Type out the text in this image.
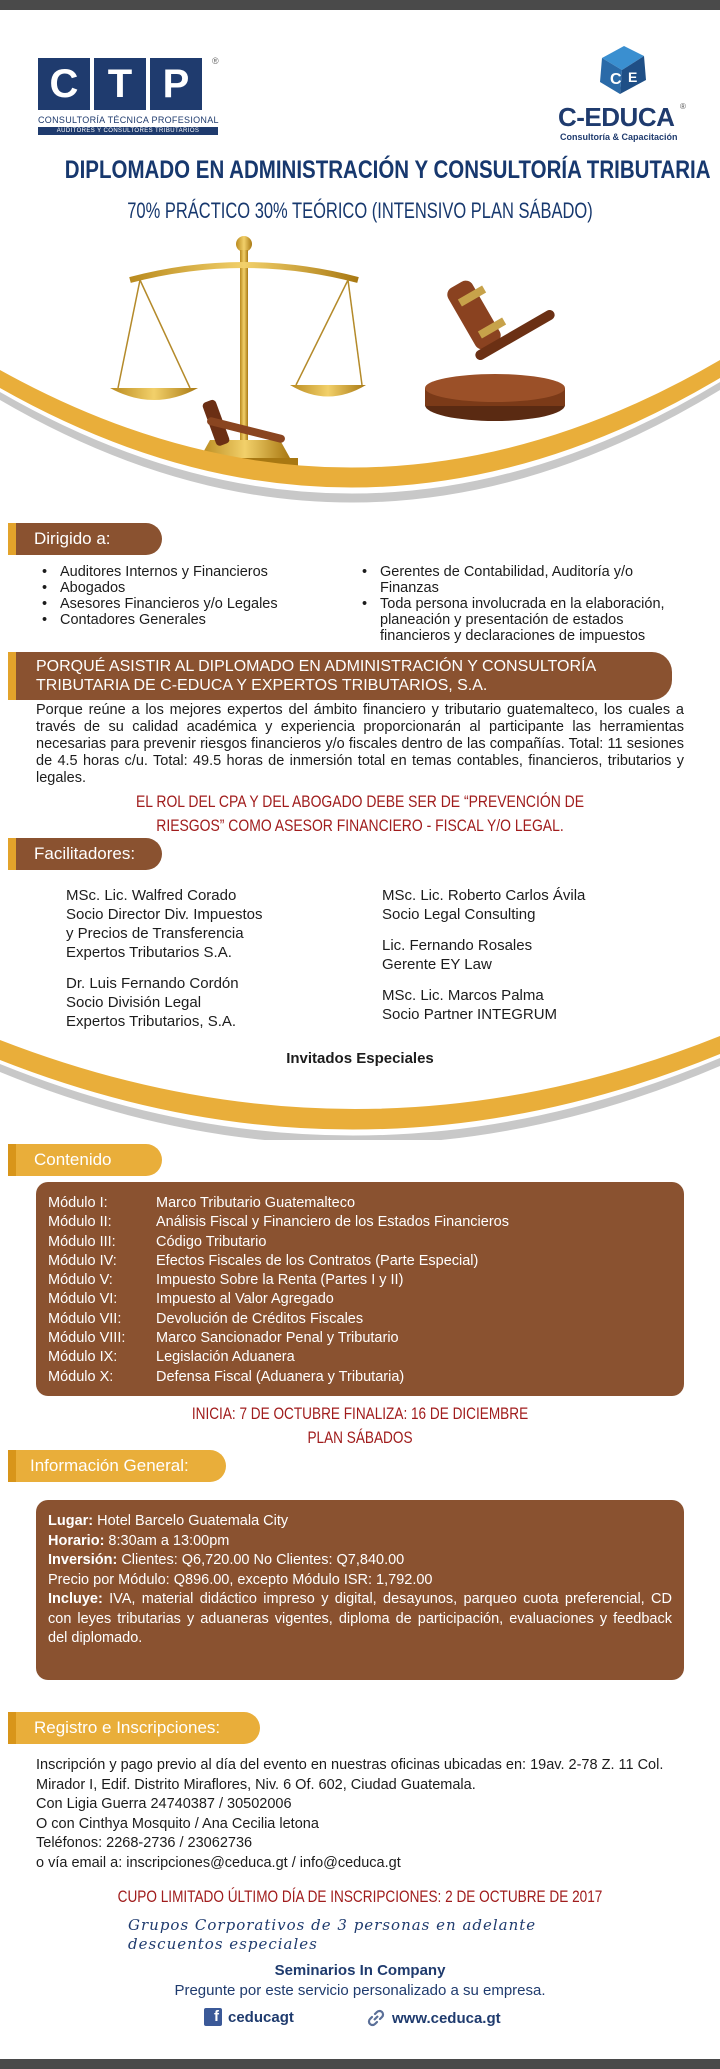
C T P
®
CONSULTORÍA TÉCNICA PROFESIONAL
AUDITORES Y CONSULTORES TRIBUTARIOS
C E
C-EDUCA ®
Consultoría & Capacitación
DIPLOMADO EN ADMINISTRACIÓN Y CONSULTORÍA TRIBUTARIA
70% PRÁCTICO 30% TEÓRICO (INTENSIVO PLAN SÁBADO)
Dirigido a:
• Auditores Internos y Financieros
• Abogados
• Asesores Financieros y/o Legales
• Contadores Generales
• Gerentes de Contabilidad, Auditoría y/o Finanzas
• Toda persona involucrada en la elaboración, planeación y presentación de estados financieros y declaraciones de impuestos
PORQUÉ ASISTIR AL DIPLOMADO EN ADMINISTRACIÓN Y CONSULTORÍA TRIBUTARIA DE C-EDUCA Y EXPERTOS TRIBUTARIOS, S.A.
Porque reúne a los mejores expertos del ámbito financiero y tributario guatemalteco, los cuales a través de su calidad académica y experiencia proporcionarán al participante las herramientas necesarias para prevenir riesgos financieros y/o fiscales dentro de las compañías. Total: 11 sesiones de 4.5 horas c/u. Total: 49.5 horas de inmersión total en temas contables, financieros, tributarios y legales.
EL ROL DEL CPA Y DEL ABOGADO DEBE SER DE “PREVENCIÓN DE
RIESGOS” COMO ASESOR FINANCIERO - FISCAL Y/O LEGAL.
Facilitadores:

MSc. Lic. Walfred Corado
Socio Director Div. Impuestos
y Precios de Transferencia
Expertos Tributarios S.A.

Dr. Luis Fernando Cordón
Socio División Legal
Expertos Tributarios, S.A.

MSc. Lic. Roberto Carlos Ávila
Socio Legal Consulting

Lic. Fernando Rosales
Gerente EY Law

MSc. Lic. Marcos Palma
Socio Partner INTEGRUM

Invitados Especiales
Contenido
Módulo I:	Marco Tributario Guatemalteco
Módulo II:	Análisis Fiscal y Financiero de los Estados Financieros
Módulo III:	Código Tributario
Módulo IV:	Efectos Fiscales de los Contratos (Parte Especial)
Módulo V:	Impuesto Sobre la Renta (Partes I y II)
Módulo VI:	Impuesto al Valor Agregado
Módulo VII:	Devolución de Créditos Fiscales
Módulo VIII:	Marco Sancionador Penal y Tributario
Módulo IX:	Legislación Aduanera
Módulo X:	Defensa Fiscal (Aduanera y Tributaria)
INICIA: 7 DE OCTUBRE FINALIZA: 16 DE DICIEMBRE
PLAN SÁBADOS
Información General:
Lugar: Hotel Barcelo Guatemala City
Horario: 8:30am a 13:00pm
Inversión: Clientes: Q6,720.00 No Clientes: Q7,840.00
Precio por Módulo: Q896.00, excepto Módulo ISR: 1,792.00
Incluye: IVA, material didáctico impreso y digital, desayunos, parqueo cuota preferencial, CD con leyes tributarias y aduaneras vigentes, diploma de participación, evaluaciones y feedback del diplomado.
Registro e Inscripciones:
Inscripción y pago previo al día del evento en nuestras oficinas ubicadas en: 19av. 2-78 Z. 11 Col. Mirador I, Edif. Distrito Miraflores, Niv. 6 Of. 602, Ciudad Guatemala.
Con Ligia Guerra 24740387 / 30502006
O con Cinthya Mosquito / Ana Cecilia letona
Teléfonos: 2268-2736 / 23062736
o vía email a: inscripciones@ceduca.gt / info@ceduca.gt
CUPO LIMITADO ÚLTIMO DÍA DE INSCRIPCIONES: 2 DE OCTUBRE DE 2017
Grupos Corporativos de 3 personas en adelante descuentos especiales
Seminarios In Company
Pregunte por este servicio personalizado a su empresa.
f ceducagt	www.ceduca.gt
